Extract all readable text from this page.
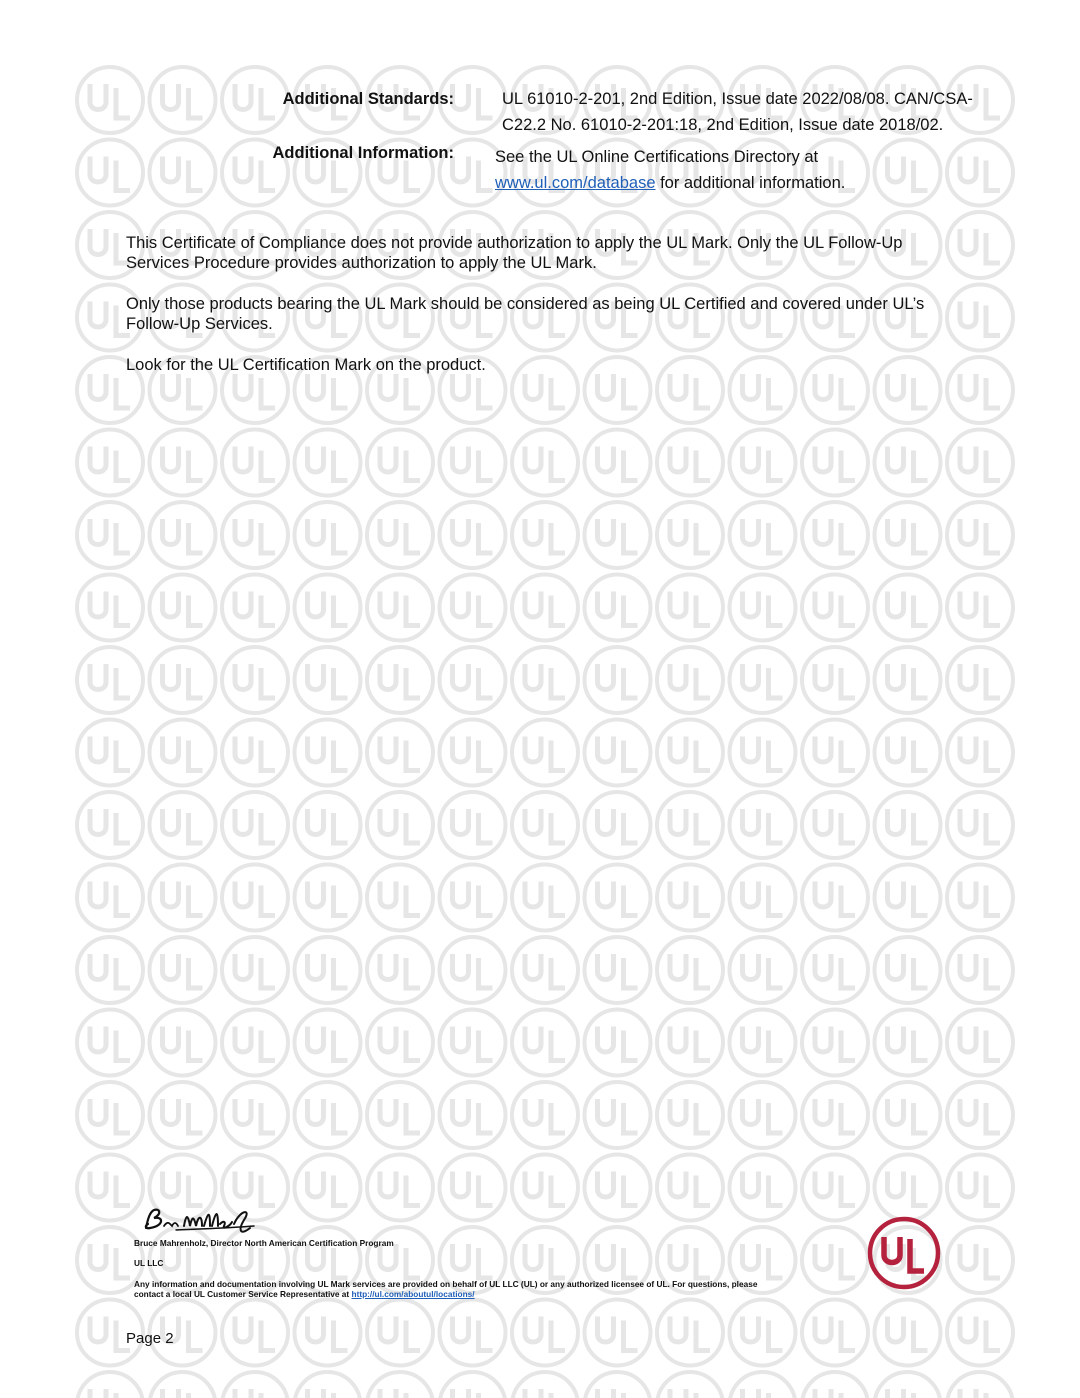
Additional Standards:	UL 61010-2-201, 2nd Edition, Issue date 2022/08/08. CAN/CSA-
C22.2 No. 61010-2-201:18, 2nd Edition, Issue date 2018/02.
Additional Information: See the UL Online Certifications Directory at
www.ul.com/database for additional information.
This Certificate of Compliance does not provide authorization to apply the UL Mark. Only the UL Follow-Up Services Procedure provides authorization to apply the UL Mark.
Only those products bearing the UL Mark should be considered as being UL Certified and covered under UL’s Follow-Up Services.
Look for the UL Certification Mark on the product.
Bruce Mahrenholz, Director North American Certification Program
UL LLC
Any information and documentation involving UL Mark services are provided on behalf of UL LLC (UL) or any authorized licensee of UL. For questions, please
contact a local UL Customer Service Representative at http://ul.com/aboutul/locations/
Page 2
